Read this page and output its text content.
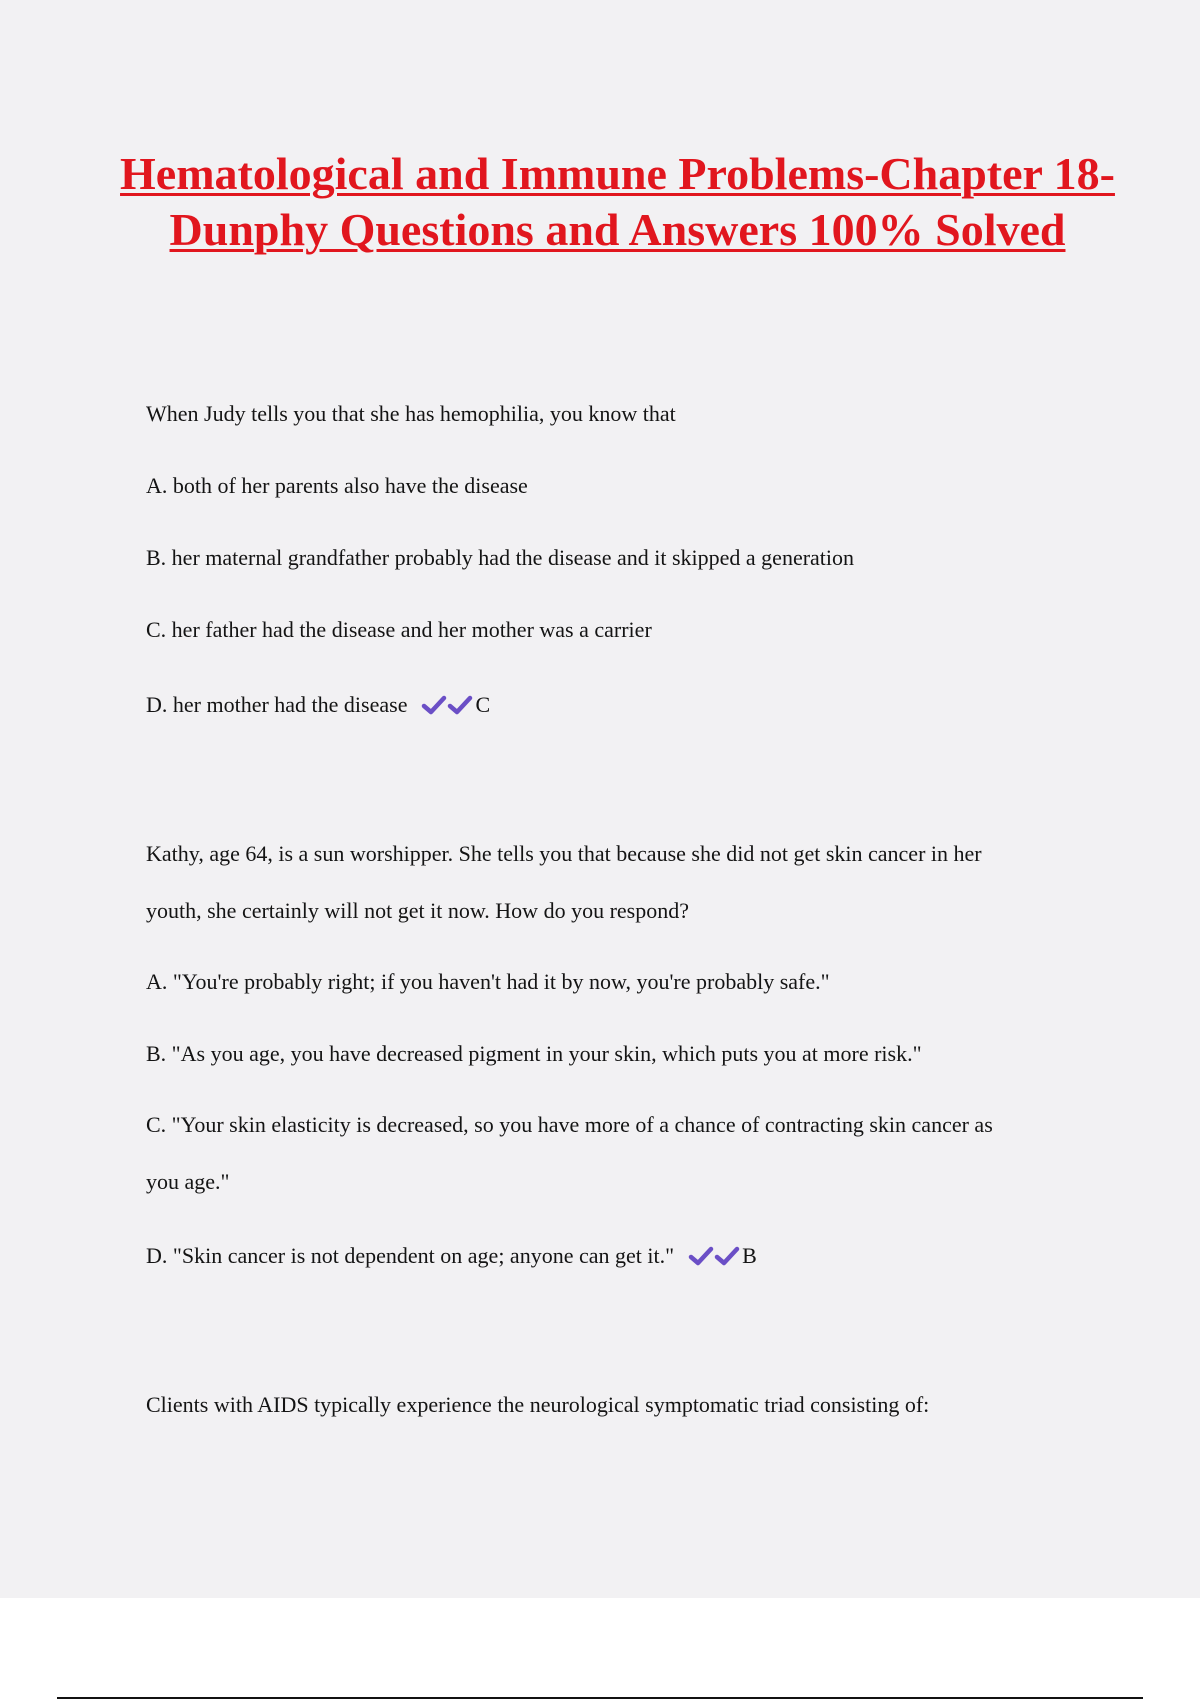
Hematological and Immune Problems-Chapter 18-Dunphy Questions and Answers 100% Solved

When Judy tells you that she has hemophilia, you know that

A. both of her parents also have the disease

B. her maternal grandfather probably had the disease and it skipped a generation

C. her father had the disease and her mother was a carrier

D. her mother had the disease	C

Kathy, age 64, is a sun worshipper. She tells you that because she did not get skin cancer in her

youth, she certainly will not get it now. How do you respond?

A. "You're probably right; if you haven't had it by now, you're probably safe."

B. "As you age, you have decreased pigment in your skin, which puts you at more risk."

C. "Your skin elasticity is decreased, so you have more of a chance of contracting skin cancer as

you age."

D. "Skin cancer is not dependent on age; anyone can get it."	B

Clients with AIDS typically experience the neurological symptomatic triad consisting of:
